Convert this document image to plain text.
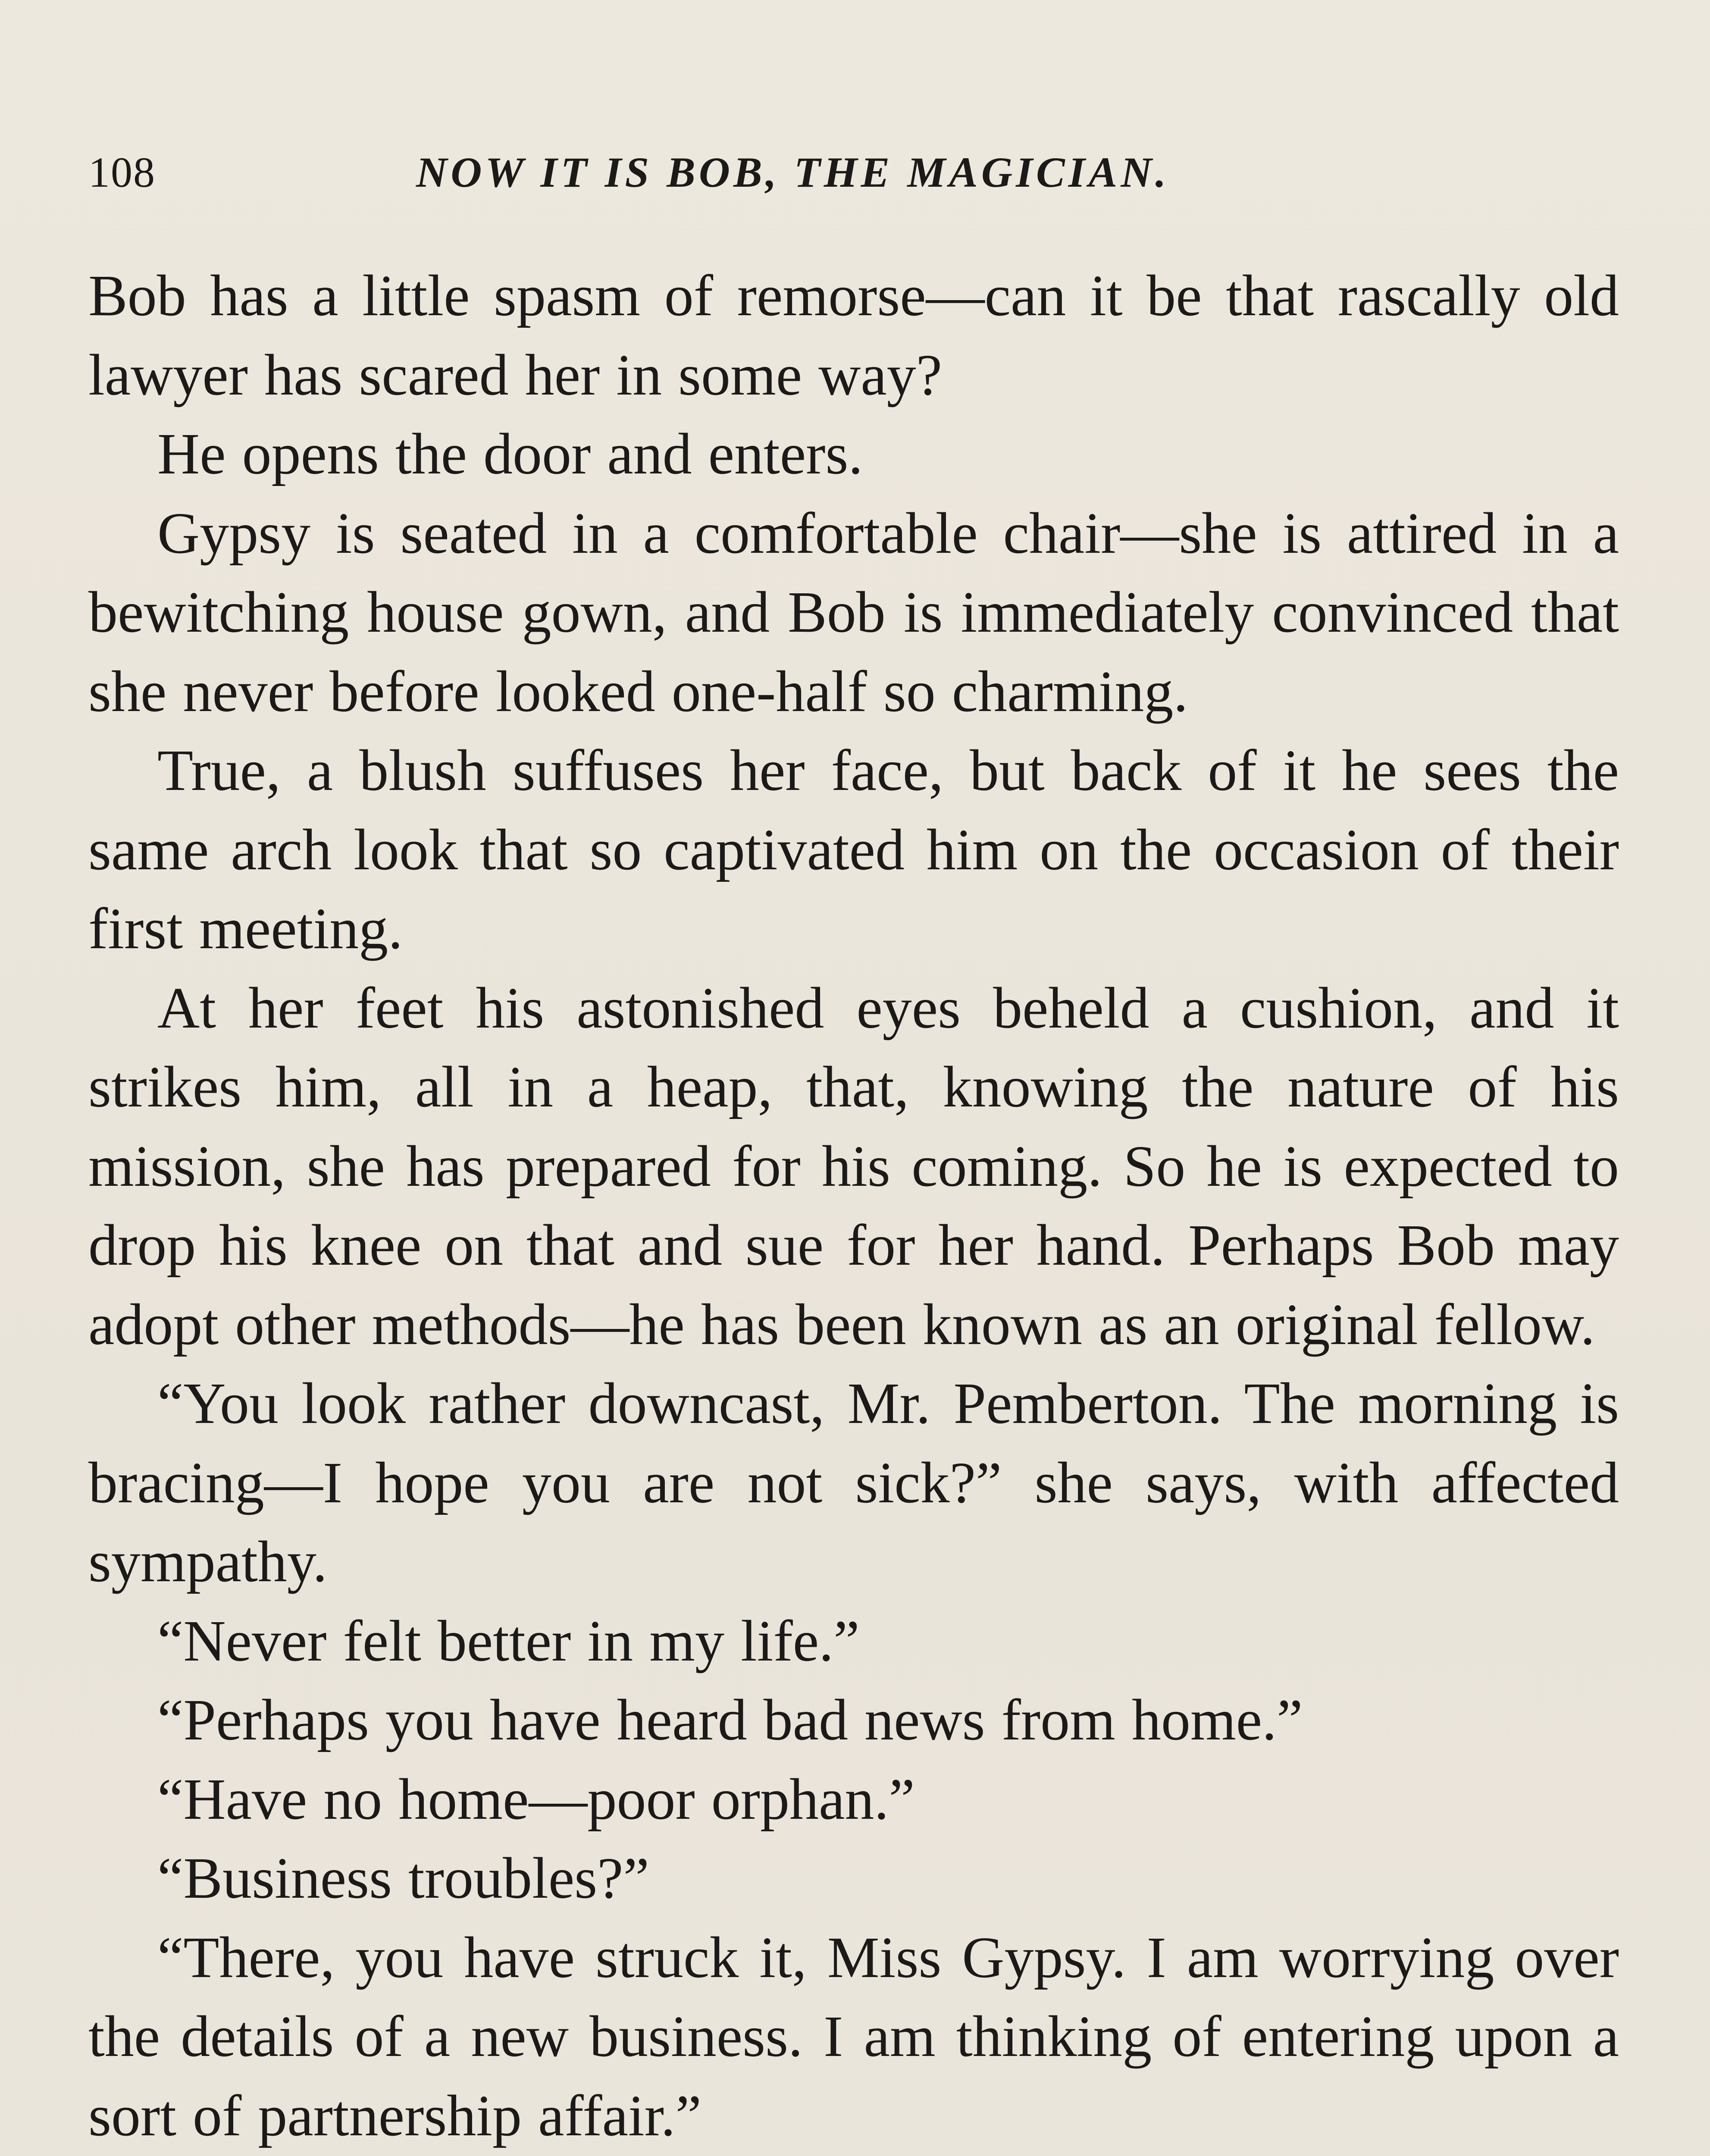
108	NOW IT IS BOB, THE MAGICIAN.

Bob has a little spasm of remorse—can it be that rascally old lawyer has scared her in some way?

He opens the door and enters.

Gypsy is seated in a comfortable chair—she is attired in a bewitching house gown, and Bob is immediately convinced that she never before looked one-half so charming.

True, a blush suffuses her face, but back of it he sees the same arch look that so captivated him on the occasion of their first meeting.

At her feet his astonished eyes beheld a cushion, and it strikes him, all in a heap, that, knowing the nature of his mission, she has prepared for his coming. So he is expected to drop his knee on that and sue for her hand. Perhaps Bob may adopt other methods—he has been known as an original fellow.

“You look rather downcast, Mr. Pemberton. The morning is bracing—I hope you are not sick?” she says, with affected sympathy.

“Never felt better in my life.”

“Perhaps you have heard bad news from home.”

“Have no home—poor orphan.”

“Business troubles?”

“There, you have struck it, Miss Gypsy. I am worrying over the details of a new business. I am thinking of entering upon a sort of partnership affair.”
